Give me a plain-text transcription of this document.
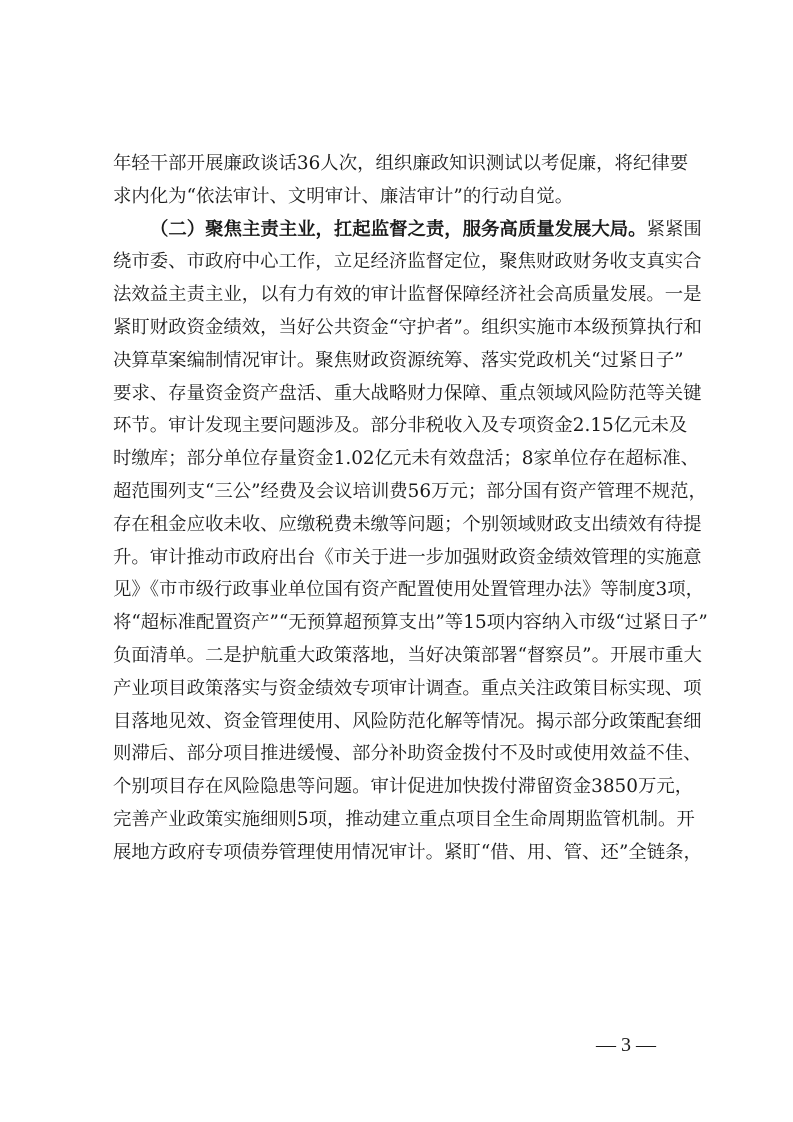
年轻干部开展廉政谈话36人次，组织廉政知识测试以考促廉，将纪律要
求内化为“依法审计、文明审计、廉洁审计”的行动自觉。
（二）聚焦主责主业，扛起监督之责，服务高质量发展大局。紧紧围
绕市委、市政府中心工作，立足经济监督定位，聚焦财政财务收支真实合
法效益主责主业，以有力有效的审计监督保障经济社会高质量发展。一是
紧盯财政资金绩效，当好公共资金“守护者”。组织实施市本级预算执行和
决算草案编制情况审计。聚焦财政资源统筹、落实党政机关“过紧日子”
要求、存量资金资产盘活、重大战略财力保障、重点领域风险防范等关键
环节。审计发现主要问题涉及。部分非税收入及专项资金2.15亿元未及
时缴库；部分单位存量资金1.02亿元未有效盘活；8家单位存在超标准、
超范围列支“三公”经费及会议培训费56万元；部分国有资产管理不规范，
存在租金应收未收、应缴税费未缴等问题；个别领域财政支出绩效有待提
升。审计推动市政府出台《市关于进一步加强财政资金绩效管理的实施意
见》《市市级行政事业单位国有资产配置使用处置管理办法》等制度3项，
将“超标准配置资产”“无预算超预算支出”等15项内容纳入市级“过紧日子”
负面清单。二是护航重大政策落地，当好决策部署“督察员”。开展市重大
产业项目政策落实与资金绩效专项审计调查。重点关注政策目标实现、项
目落地见效、资金管理使用、风险防范化解等情况。揭示部分政策配套细
则滞后、部分项目推进缓慢、部分补助资金拨付不及时或使用效益不佳、
个别项目存在风险隐患等问题。审计促进加快拨付滞留资金3850万元，
完善产业政策实施细则5项，推动建立重点项目全生命周期监管机制。开
展地方政府专项债券管理使用情况审计。紧盯“借、用、管、还”全链条，
— 3 —
